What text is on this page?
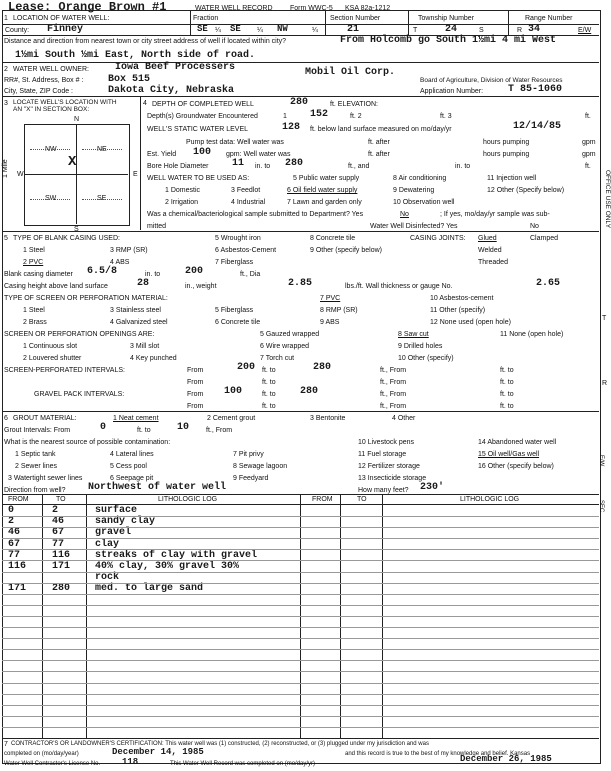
Lease: Orange Brown #1	WATER WELL RECORD Form WWC-5 KSA 82a-1212
1 LOCATION OF WATER WELL:	Fraction	Section Number	Township Number	Range Number
County: Finney	SE ¼ SE ¼ NW	¼	21	T	24	S	R 34	E/W
Distance and direction from nearest town or city street address of well if located within city?	From Holcomb go South 1½mi 4 mi West
1½mi South ½mi East, North side of road.
2 WATER WELL OWNER:	Iowa Beef Processers	Mobil Oil Corp.
RR#, St. Address, Box # : Box 515	Board of Agriculture, Division of Water Resources
City, State, ZIP Code :	Dakota City, Nebraska	Application Number: T 85-1060
3 LOCATE WELL'S LOCATION WITH
AN "X" IN SECTION BOX:
N
S
W	E
NW	NE
SW	SE
X
1 Mile
4 DEPTH OF COMPLETED WELL	280	ft. ELEVATION:
Depth(s) Groundwater Encountered	1 152	ft. 2	ft. 3	ft.
WELL'S STATIC WATER LEVEL	128 ft. below land surface measured on mo/day/yr	12/14/85
Pump test data: Well water was	ft. after	hours pumping	gpm
Est. Yield 100 gpm: Well water was	ft. after	hours pumping	gpm
Bore Hole Diameter 11 in. to 280	ft., and	in. to	ft.
WELL WATER TO BE USED AS:	5 Public water supply	8 Air conditioning	11 Injection well
1 Domestic	3 Feedlot	6 Oil field water supply	9 Dewatering	12 Other (Specify below)
2 Irrigation	4 Industrial	7 Lawn and garden only	10 Observation well
Was a chemical/bacteriological sample submitted to Department? Yes	No	; If yes, mo/day/yr sample was sub-
mitted	Water Well Disinfected? Yes	No
5 TYPE OF BLANK CASING USED:	5 Wrought iron	8 Concrete tile	CASING JOINTS: Glued	Clamped
1 Steel	3 RMP (SR)	6 Asbestos-Cement	9 Other (specify below)	Welded
2 PVC	4 ABS	7 Fiberglass	Threaded
Blank casing diameter 6.5/8	in. to 200	ft., Dia
Casing height above land surface	28	in., weight	2.85	lbs./ft. Wall thickness or gauge No.	2.65
TYPE OF SCREEN OR PERFORATION MATERIAL:	7 PVC	10 Asbestos-cement
1 Steel	3 Stainless steel	5 Fiberglass	8 RMP (SR)	11 Other (specify)
2 Brass	4 Galvanized steel	6 Concrete tile	9 ABS	12 None used (open hole)
SCREEN OR PERFORATION OPENINGS ARE:	5 Gauzed wrapped	8 Saw cut	11 None (open hole)
1 Continuous slot	3 Mill slot	6 Wire wrapped	9 Drilled holes
2 Louvered shutter	4 Key punched	7 Torch cut	10 Other (specify)
SCREEN-PERFORATED INTERVALS:	From	200 ft. to	280	ft., From	ft. to
From	ft. to	ft., From	ft. to
GRAVEL PACK INTERVALS:	From 100	ft. to 280	ft., From	ft. to
From	ft. to	ft., From	ft. to
6 GROUT MATERIAL:	1 Neat cement	2 Cement grout	3 Bentonite	4 Other
Grout Intervals: From	0	ft. to	10 ft., From
What is the nearest source of possible contamination:	10 Livestock pens	14 Abandoned water well
1 Septic tank	4 Lateral lines	7 Pit privy	11 Fuel storage	15 Oil well/Gas well
2 Sewer lines	5 Cess pool	8 Sewage lagoon	12 Fertilizer storage	16 Other (specify below)
3 Watertight sewer lines	6 Seepage pit	9 Feedyard	13 Insecticide storage
Direction from well? Northwest of water well	How many feet? 230'
FROM	TO	LITHOLOGIC LOG	FROM	TO	LITHOLOGIC LOG
0	2	surface
2	46	sandy clay
46	67	gravel
67	77	clay
77	116 streaks of clay with gravel
116	171 40% clay, 30% gravel 30%
rock
171	280 med. to large sand
7 CONTRACTOR'S OR LANDOWNER'S CERTIFICATION: This water well was (1) constructed, (2) reconstructed, or (3) plugged under my jurisdiction and was
completed on (mo/day/year)	December 14, 1985	and this record is true to the best of my knowledge and belief. Kansas
Water Well Contractor's License No. 118	This Water Well Record was completed on (mo/day/yr)	December 26, 1985
OFFICE USE ONLY
T
R
E/W
SEC
